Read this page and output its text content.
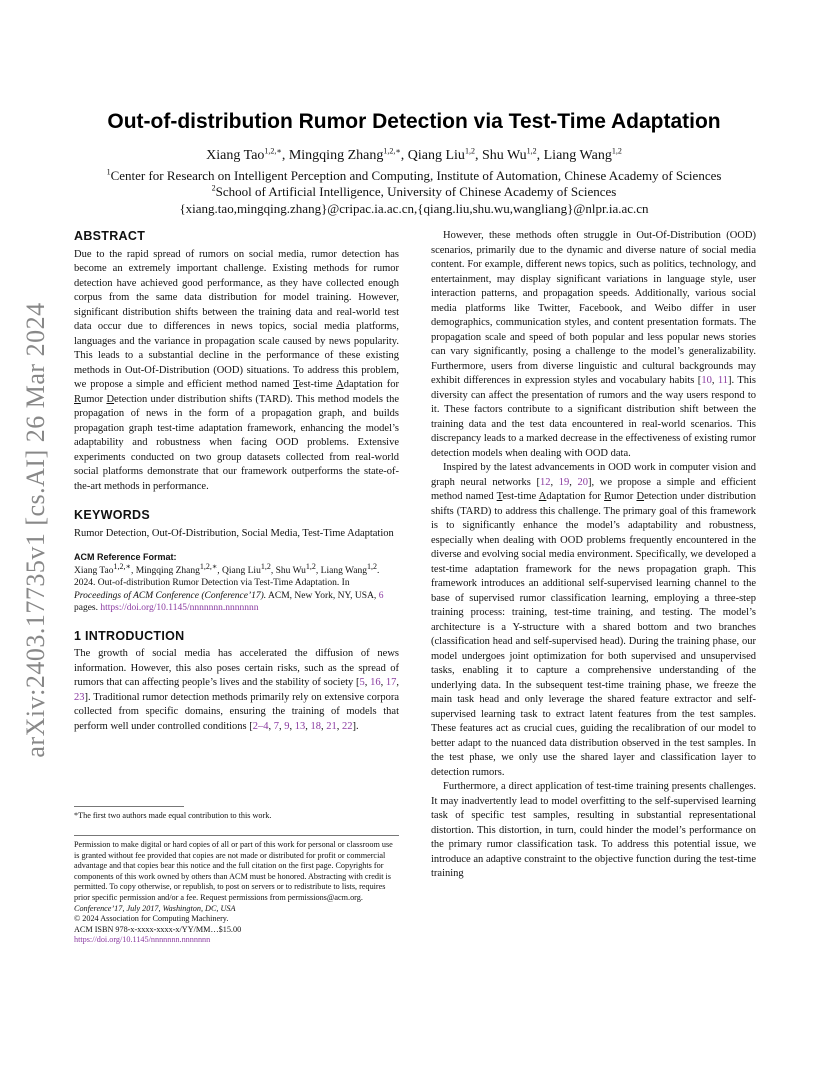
arXiv:2403.17735v1 [cs.AI] 26 Mar 2024
Out-of-distribution Rumor Detection via Test-Time Adaptation
Xiang Tao$^{1,2,∗}$, Mingqing Zhang$^{1,2,∗}$, Qiang Liu$^{1,2}$, Shu Wu$^{1,2}$, Liang Wang$^{1,2}$
$^1$Center for Research on Intelligent Perception and Computing, Institute of Automation, Chinese Academy of Sciences
$^2$School of Artificial Intelligence, University of Chinese Academy of Sciences
{xiang.tao,mingqing.zhang}@cripac.ia.ac.cn,{qiang.liu,shu.wu,wangliang}@nlpr.ia.ac.cn
ABSTRACT

Due to the rapid spread of rumors on social media, rumor detection has become an extremely important challenge. Existing methods for rumor detection have achieved good performance, as they have collected enough corpus from the same data distribution for model training. However, significant distribution shifts between the training data and real-world test data occur due to differences in news topics, social media platforms, languages and the variance in propagation scale caused by news popularity. This leads to a substantial decline in the performance of these existing methods in Out-Of-Distribution (OOD) situations. To address this problem, we propose a simple and efficient method named Test-time Adaptation for Rumor Detection under distribution shifts (TARD). This method models the propagation of news in the form of a propagation graph, and builds propagation graph test-time adaptation framework, enhancing the model’s adaptability and robustness when facing OOD problems. Extensive experiments conducted on two group datasets collected from real-world social platforms demonstrate that our framework outperforms the state-of-the-art methods in performance.

KEYWORDS

Rumor Detection, Out-Of-Distribution, Social Media, Test-Time Adaptation

ACM Reference Format:

Xiang Tao$^{1,2,∗}$, Mingqing Zhang$^{1,2,∗}$, Qiang Liu$^{1,2}$, Shu Wu$^{1,2}$, Liang Wang$^{1,2}$. 2024. Out-of-distribution Rumor Detection via Test-Time Adaptation. In Proceedings of ACM Conference (Conference’17). ACM, New York, NY, USA, 6 pages. https://doi.org/10.1145/nnnnnnn.nnnnnnn

1 INTRODUCTION

The growth of social media has accelerated the diffusion of news information. However, this also poses certain risks, such as the spread of rumors that can affecting people’s lives and the stability of society [5, 16, 17, 23]. Traditional rumor detection methods primarily rely on extensive corpora collected from specific domains, ensuring the training of models that perform well under controlled conditions [2–4, 7, 9, 13, 18, 21, 22].

*The first two authors made equal contribution to this work.

Permission to make digital or hard copies of all or part of this work for personal or classroom use is granted without fee provided that copies are not made or distributed for profit or commercial advantage and that copies bear this notice and the full citation on the first page. Copyrights for components of this work owned by others than ACM must be honored. Abstracting with credit is permitted. To copy otherwise, or republish, to post on servers or to redistribute to lists, requires prior specific permission and/or a fee. Request permissions from permissions@acm.org.

Conference’17, July 2017, Washington, DC, USA

© 2024 Association for Computing Machinery.

ACM ISBN 978-x-xxxx-xxxx-x/YY/MM…$15.00

https://doi.org/10.1145/nnnnnnn.nnnnnnn

However, these methods often struggle in Out-Of-Distribution (OOD) scenarios, primarily due to the dynamic and diverse nature of social media content. For example, different news topics, such as politics, technology, and entertainment, may display significant variations in language style, user interaction patterns, and propagation speeds. Additionally, various social media platforms like Twitter, Facebook, and Weibo differ in user demographics, communication styles, and content presentation formats. The propagation scale and speed of both popular and less popular news stories can vary significantly, posing a challenge to the model’s generalizability. Furthermore, users from diverse linguistic and cultural backgrounds may exhibit differences in expression styles and vocabulary habits [10, 11]. This diversity can affect the presentation of rumors and the way users respond to it. These factors contribute to a significant distribution shift between the training data and the test data encountered in real-world scenarios. This discrepancy leads to a marked decrease in the effectiveness of existing rumor detection models when dealing with OOD data.

Inspired by the latest advancements in OOD work in computer vision and graph neural networks [12, 19, 20], we propose a simple and efficient method named Test-time Adaptation for Rumor Detection under distribution shifts (TARD) to address this challenge. The primary goal of this framework is to significantly enhance the model’s adaptability and robustness, especially when dealing with OOD problems frequently encountered in the diverse and evolving social media environment. Specifically, we developed a test-time adaptation framework for the news propagation graph. This framework introduces an additional self-supervised learning channel to the base of supervised rumor classification learning, employing a three-step training process: training, test-time training, and testing. The model’s architecture is a Y-structure with a shared bottom and two branches (classification head and self-supervised head). During the training phase, our model undergoes joint optimization for both supervised and unsupervised tasks, enabling it to capture a comprehensive understanding of the underlying data. In the subsequent test-time training phase, we freeze the main task head and only leverage the shared feature extractor and self-supervised learning task to extract latent features from the test samples. These features act as crucial cues, guiding the recalibration of our model to better adapt to the nuanced data distribution observed in the test samples. In the test phase, we only use the shared layer and classification layer to detection rumors.

Furthermore, a direct application of test-time training presents challenges. It may inadvertently lead to model overfitting to the self-supervised learning task of specific test samples, resulting in substantial representational distortion. This distortion, in turn, could hinder the model’s performance on the primary rumor classification task. To address this potential issue, we introduce an adaptive constraint to the objective function during the test-time training
